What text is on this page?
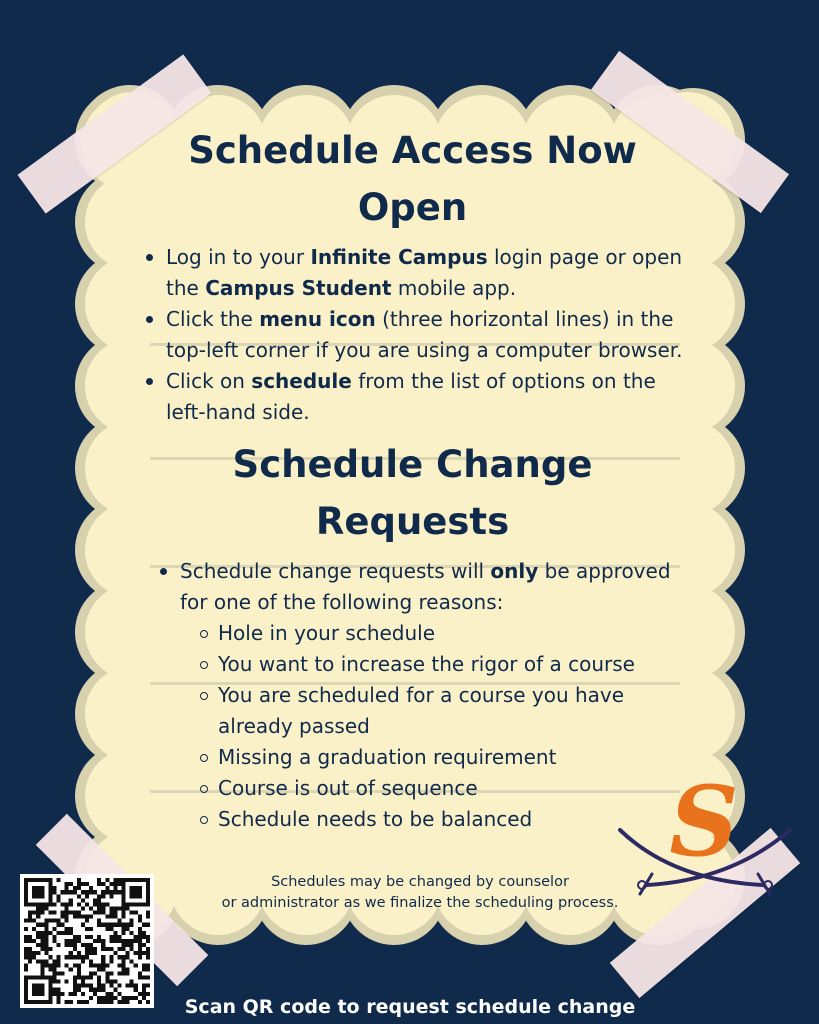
Schedule Access Now Open
Log in to your Infinite Campus login page or open the Campus Student mobile app.
Click the menu icon (three horizontal lines) in the top-left corner if you are using a computer browser.
Click on schedule from the list of options on the left-hand side.
Schedule Change Requests
Schedule change requests will only be approved for one of the following reasons:
Hole in your schedule
You want to increase the rigor of a course
You are scheduled for a course you have already passed
Missing a graduation requirement
Course is out of sequence
Schedule needs to be balanced
Schedules may be changed by counselor
or administrator as we finalize the scheduling process.
S
Scan QR code to request schedule change
